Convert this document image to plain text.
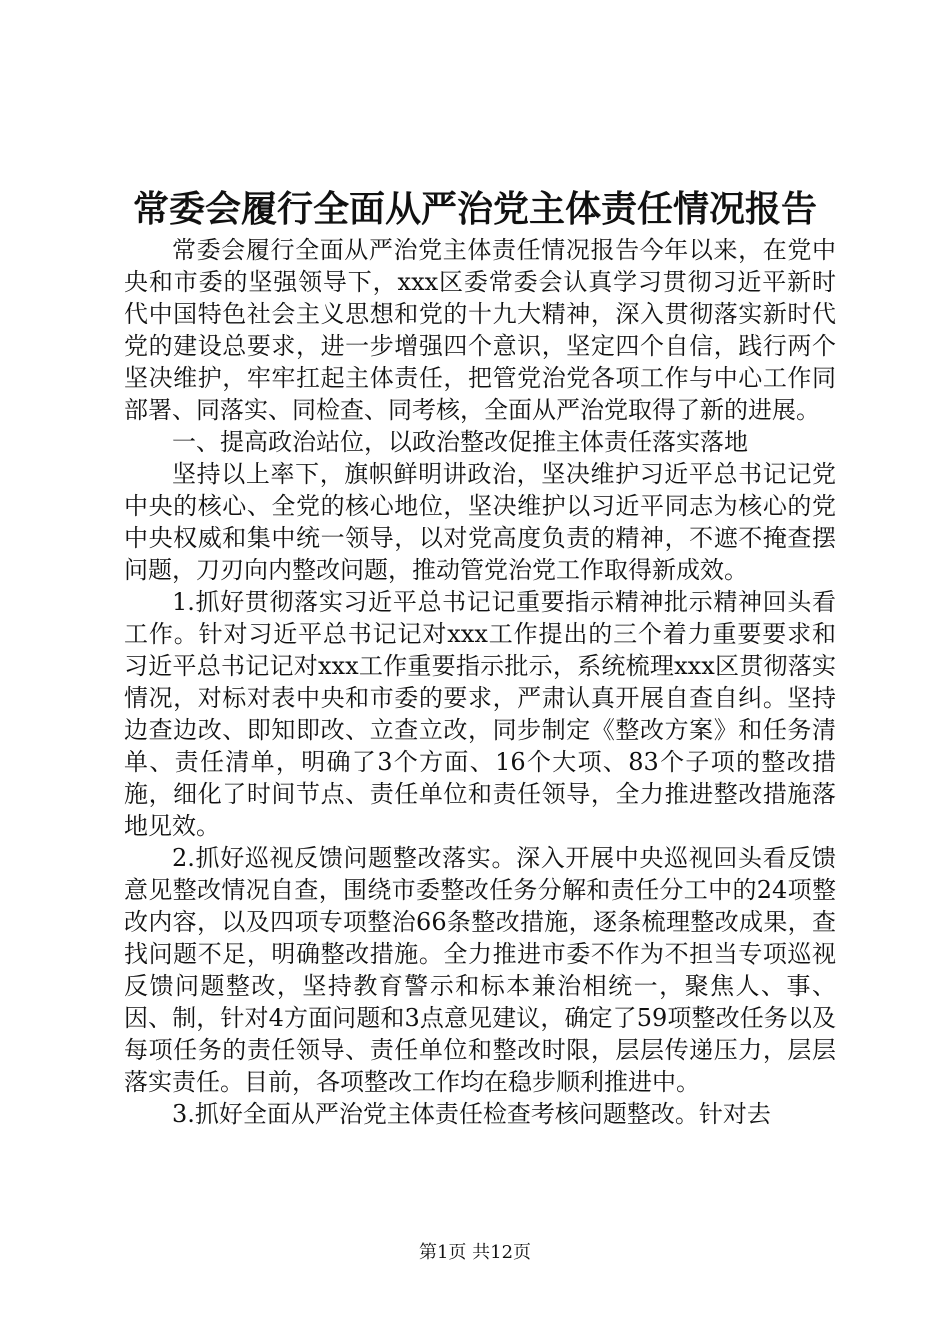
常委会履行全面从严治党主体责任情况报告

常委会履行全面从严治党主体责任情况报告今年以来，在党中央和市委的坚强领导下，xxx区委常委会认真学习贯彻习近平新时代中国特色社会主义思想和党的十九大精神，深入贯彻落实新时代党的建设总要求，进一步增强四个意识，坚定四个自信，践行两个坚决维护，牢牢扛起主体责任，把管党治党各项工作与中心工作同部署、同落实、同检查、同考核，全面从严治党取得了新的进展。

一、提高政治站位，以政治整改促推主体责任落实落地

坚持以上率下，旗帜鲜明讲政治，坚决维护习近平总书记记党中央的核心、全党的核心地位，坚决维护以习近平同志为核心的党中央权威和集中统一领导，以对党高度负责的精神，不遮不掩查摆问题，刀刃向内整改问题，推动管党治党工作取得新成效。

1.抓好贯彻落实习近平总书记记重要指示精神批示精神回头看工作。针对习近平总书记记对xxx工作提出的三个着力重要要求和习近平总书记记对xxx工作重要指示批示，系统梳理xxx区贯彻落实情况，对标对表中央和市委的要求，严肃认真开展自查自纠。坚持边查边改、即知即改、立查立改，同步制定《整改方案》和任务清单、责任清单，明确了3个方面、16个大项、83个子项的整改措施，细化了时间节点、责任单位和责任领导，全力推进整改措施落地见效。

2.抓好巡视反馈问题整改落实。深入开展中央巡视回头看反馈意见整改情况自查，围绕市委整改任务分解和责任分工中的24项整改内容，以及四项专项整治66条整改措施，逐条梳理整改成果，查找问题不足，明确整改措施。全力推进市委不作为不担当专项巡视反馈问题整改，坚持教育警示和标本兼治相统一，聚焦人、事、因、制，针对4方面问题和3点意见建议，确定了59项整改任务以及每项任务的责任领导、责任单位和整改时限，层层传递压力，层层落实责任。目前，各项整改工作均在稳步顺利推进中。

3.抓好全面从严治党主体责任检查考核问题整改。针对去

第1页 共12页
